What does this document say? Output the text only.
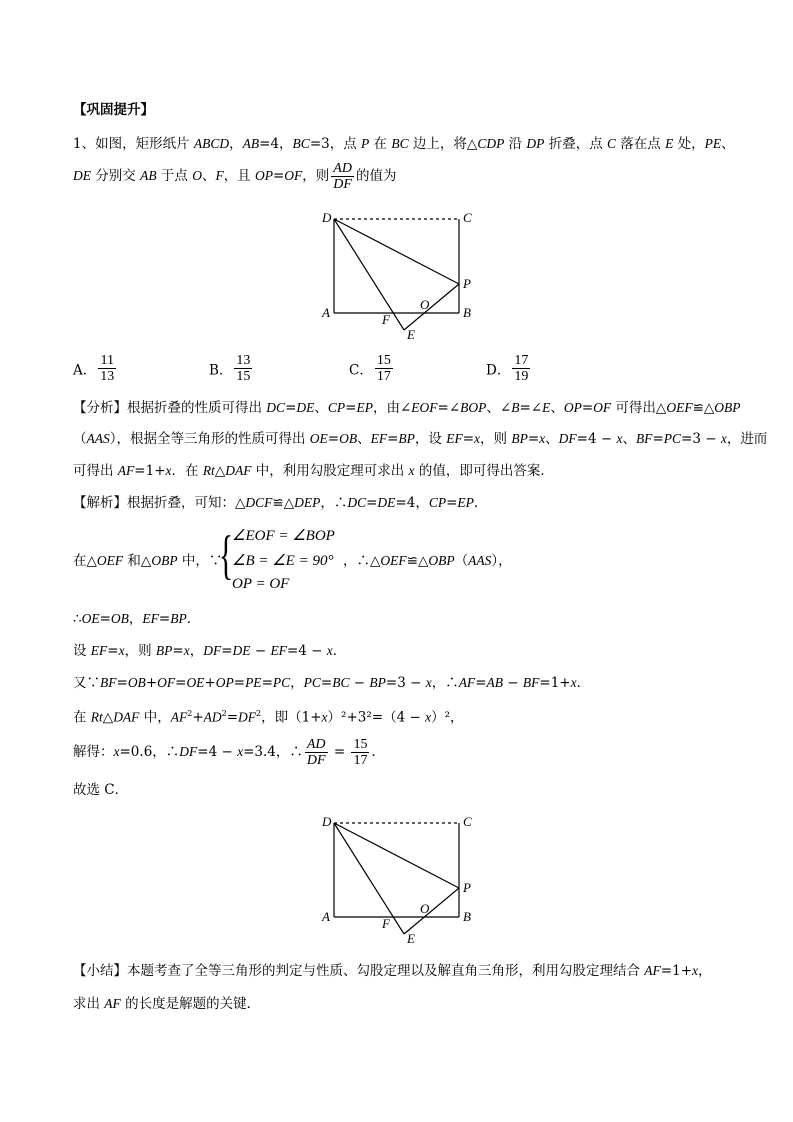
【巩固提升】
1、如图，矩形纸片 ABCD，AB=4，BC=3，点 P 在 BC 边上，将△CDP 沿 DP 折叠，点 C 落在点 E 处，PE、
DE 分别交 AB 于点 O、F，且 OP=OF，则 $\frac{AD}{DF}$ 的值为
D	C
A	B
P
O
F
E
A． $\frac{11}{13}$	B． $\frac{13}{15}$	C． $\frac{15}{17}$	D． $\frac{17}{19}$
【分析】根据折叠的性质可得出 DC=DE、CP=EP，由∠EOF=∠BOP、∠B=∠E、OP=OF 可得出△OEF≌△OBP
（AAS），根据全等三角形的性质可得出 OE=OB、EF=BP，设 EF=x，则 BP=x、DF=4 − x、BF=PC=3 − x，进而
可得出 AF=1+x．在 Rt△DAF 中，利用勾股定理可求出 x 的值，即可得出答案．
【解析】根据折叠，可知：△DCF≌△DEP，∴DC=DE=4，CP=EP．
在△OEF 和△OBP 中，∵
{
∠EOF = ∠BOP
∠B = ∠E = 90°
OP = OF
，∴△OEF≌△OBP（AAS），
∴OE=OB，EF=BP．
设 EF=x，则 BP=x，DF=DE − EF=4 − x．
又∵BF=OB+OF=OE+OP=PE=PC，PC=BC − BP=3 − x，∴AF=AB − BF=1+x．
在 Rt△DAF 中，$AF^2+AD^2=DF^2$，即（1+x）²+3²=（4 − x）²，
解得：x=0.6，∴DF=4 − x=3.4，∴ $\frac{AD}{DF} = \frac{15}{17}$ ．
故选 C．
D	C
A	B
P
O
F
E
【小结】本题考查了全等三角形的判定与性质、勾股定理以及解直角三角形，利用勾股定理结合 AF=1+x，
求出 AF 的长度是解题的关键．
